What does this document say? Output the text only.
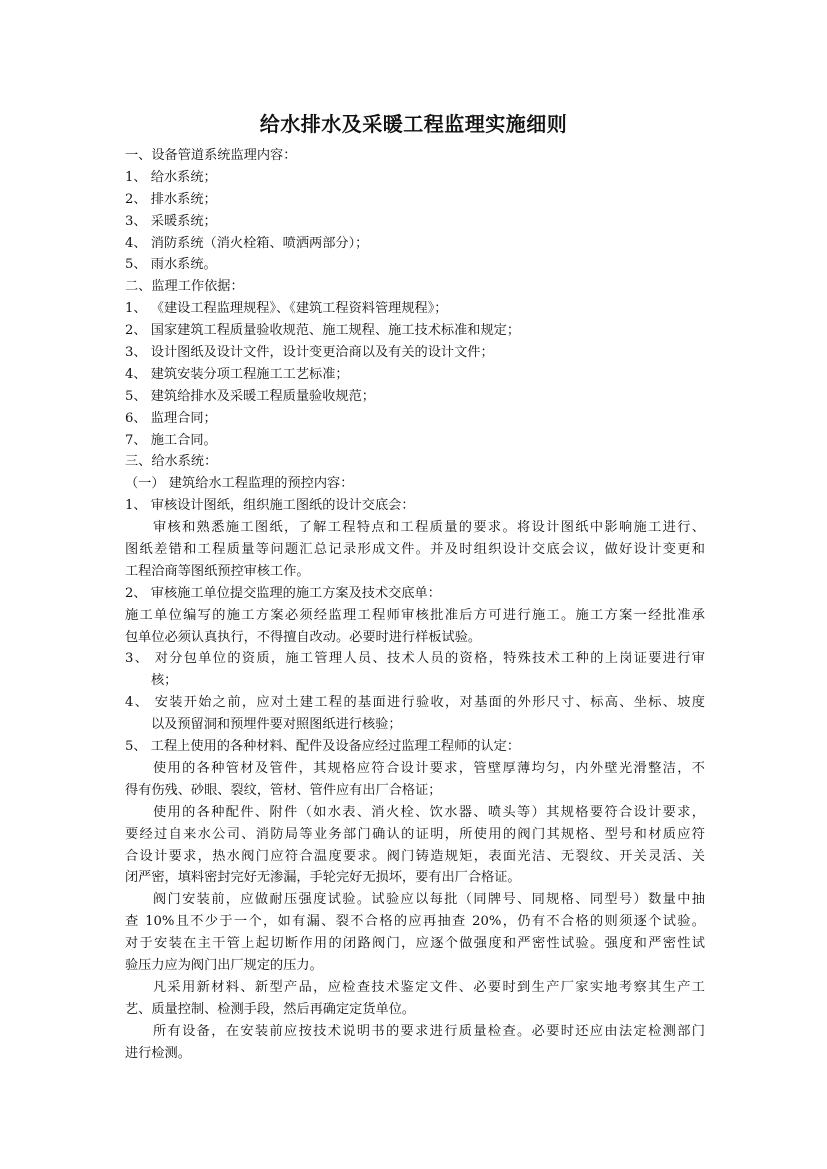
给水排水及采暖工程监理实施细则
一、设备管道系统监理内容：
1、 给水系统；
2、 排水系统；
3、 采暖系统；
4、 消防系统（消火栓箱、喷洒两部分）；
5、 雨水系统。
二、监理工作依据：
1、 《建设工程监理规程》、《建筑工程资料管理规程》；
2、 国家建筑工程质量验收规范、施工规程、施工技术标准和规定；
3、 设计图纸及设计文件，设计变更洽商以及有关的设计文件；
4、 建筑安装分项工程施工工艺标准；
5、 建筑给排水及采暖工程质量验收规范；
6、 监理合同；
7、 施工合同。
三、给水系统：
（一） 建筑给水工程监理的预控内容：
1、 审核设计图纸，组织施工图纸的设计交底会：
审核和熟悉施工图纸，了解工程特点和工程质量的要求。将设计图纸中影响施工进行、
图纸差错和工程质量等问题汇总记录形成文件。并及时组织设计交底会议，做好设计变更和
工程洽商等图纸预控审核工作。
2、 审核施工单位提交监理的施工方案及技术交底单：
施工单位编写的施工方案必须经监理工程师审核批准后方可进行施工。施工方案一经批准承
包单位必须认真执行，不得擅自改动。必要时进行样板试验。
3、 对分包单位的资质，施工管理人员、技术人员的资格，特殊技术工种的上岗证要进行审
核；
4、 安装开始之前，应对土建工程的基面进行验收，对基面的外形尺寸、标高、坐标、坡度
以及预留洞和预埋件要对照图纸进行核验；
5、 工程上使用的各种材料、配件及设备应经过监理工程师的认定：
使用的各种管材及管件，其规格应符合设计要求，管壁厚薄均匀，内外壁光滑整洁，不
得有伤残、砂眼、裂纹，管材、管件应有出厂合格证；
使用的各种配件、附件（如水表、消火栓、饮水器、喷头等）其规格要符合设计要求，
要经过自来水公司、消防局等业务部门确认的证明，所使用的阀门其规格、型号和材质应符
合设计要求，热水阀门应符合温度要求。阀门铸造规矩，表面光洁、无裂纹、开关灵活、关
闭严密，填料密封完好无渗漏，手轮完好无损坏，要有出厂合格证。
阀门安装前，应做耐压强度试验。试验应以每批（同牌号、同规格、同型号）数量中抽
查 10%且不少于一个，如有漏、裂不合格的应再抽查 20%，仍有不合格的则须逐个试验。
对于安装在主干管上起切断作用的闭路阀门，应逐个做强度和严密性试验。强度和严密性试
验压力应为阀门出厂规定的压力。
凡采用新材料、新型产品，应检查技术鉴定文件、必要时到生产厂家实地考察其生产工
艺、质量控制、检测手段，然后再确定定货单位。
所有设备，在安装前应按技术说明书的要求进行质量检查。必要时还应由法定检测部门
进行检测。
